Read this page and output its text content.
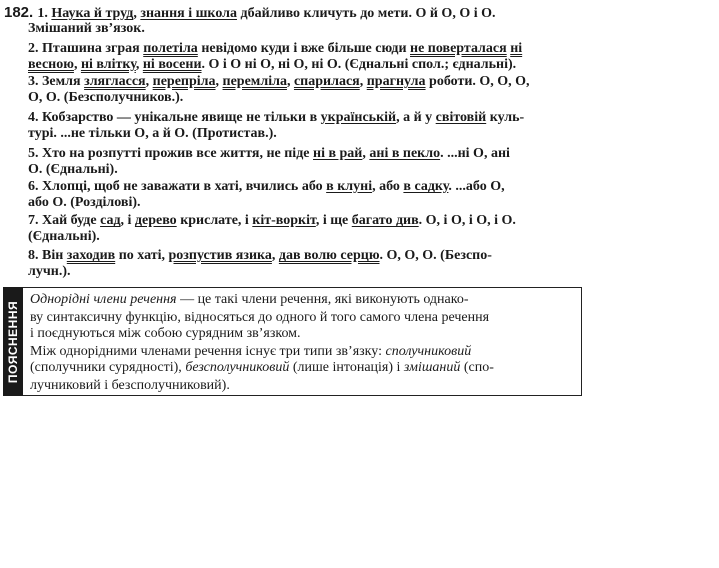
182. 1. Наука й труд, знання і школа дбайливо кличуть до мети. О й О, О і О.
Змішаний зв’язок.
2. Пташина зграя полетіла невідомо куди і вже більше сюди не поверталася ні
весною, ні влітку, ні восени. О і О ні О, ні О, ні О. (Єднальні спол.; єднальні).
3. Земля злягласся, перепріла, перемліла, спарилася, прагнула роботи. О, О, О,
О, О. (Безсполучников.).
4. Кобзарство — унікальне явище не тільки в українській, а й у світовій куль-
турі. ...не тільки О, а й О. (Протистав.).
5. Хто на розпутті прожив все життя, не піде ні в рай, ані в пекло. ...ні О, ані
О. (Єднальні).
6. Хлопці, щоб не заважати в хаті, вчились або в клуні, або в садку. ...або О,
або О. (Розділові).
7. Хай буде сад, і дерево крислате, і кіт-воркіт, і ще багато див. О, і О, і О, і О.
(Єднальні).
8. Він заходив по хаті, розпустив язика, дав волю серцю. О, О, О. (Безспо-
лучн.).
ПОЯСНЕННЯ
Однорідні члени речення — це такі члени речення, які виконують однако-
ву синтаксичну функцію, відносяться до одного й того самого члена речення
і поєднуються між собою сурядним зв’язком.
Між однорідними членами речення існує три типи зв’язку: сполучниковий
(сполучники сурядності), безсполучниковий (лише інтонація) і змішаний (спо-
лучниковий і безсполучниковий).
